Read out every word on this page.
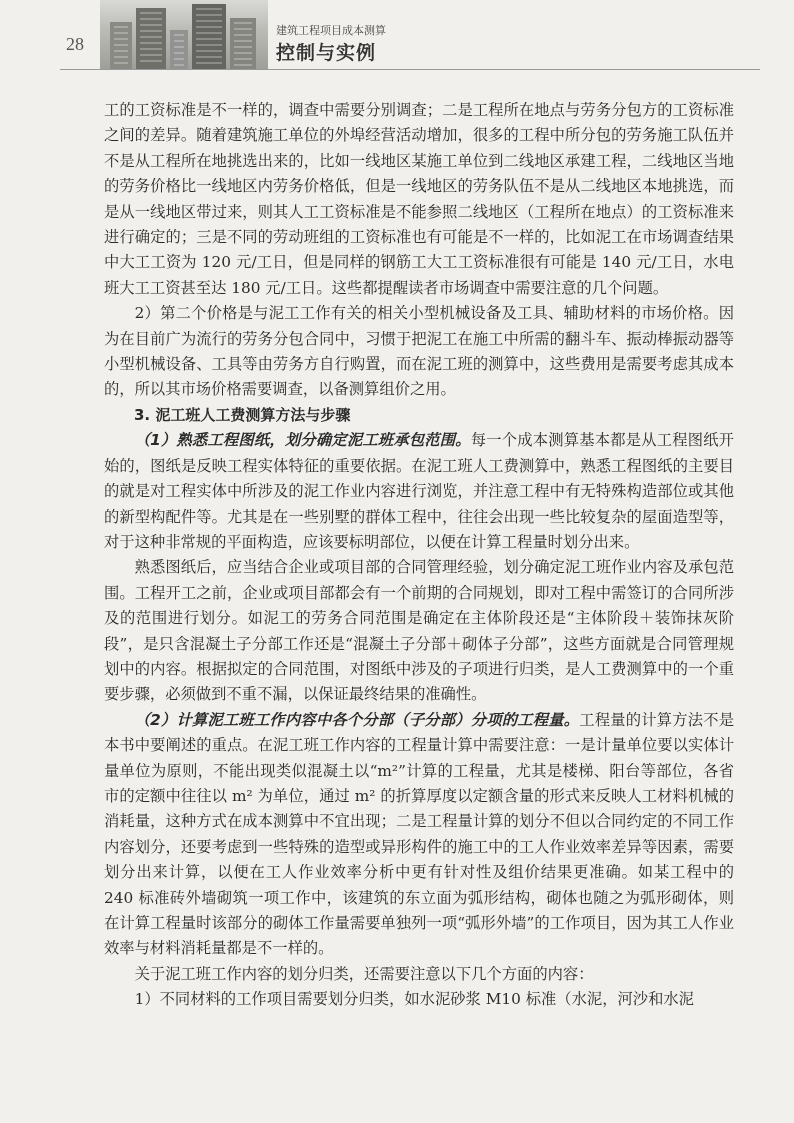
28
建筑工程项目成本测算
控制与实例

工的工资标准是不一样的，调查中需要分别调查；二是工程所在地点与劳务分包方的工资标准之间的差异。随着建筑施工单位的外埠经营活动增加，很多的工程中所分包的劳务施工队伍并不是从工程所在地挑选出来的，比如一线地区某施工单位到二线地区承建工程，二线地区当地的劳务价格比一线地区内劳务价格低，但是一线地区的劳务队伍不是从二线地区本地挑选，而是从一线地区带过来，则其人工工资标准是不能参照二线地区（工程所在地点）的工资标准来进行确定的；三是不同的劳动班组的工资标准也有可能是不一样的，比如泥工在市场调查结果中大工工资为 120 元/工日，但是同样的钢筋工大工工资标准很有可能是 140 元/工日，水电班大工工资甚至达 180 元/工日。这些都提醒读者市场调查中需要注意的几个问题。

2）第二个价格是与泥工工作有关的相关小型机械设备及工具、辅助材料的市场价格。因为在目前广为流行的劳务分包合同中，习惯于把泥工在施工中所需的翻斗车、振动棒振动器等小型机械设备、工具等由劳务方自行购置，而在泥工班的测算中，这些费用是需要考虑其成本的，所以其市场价格需要调查，以备测算组价之用。

3. 泥工班人工费测算方法与步骤

（1）熟悉工程图纸，划分确定泥工班承包范围。每一个成本测算基本都是从工程图纸开始的，图纸是反映工程实体特征的重要依据。在泥工班人工费测算中，熟悉工程图纸的主要目的就是对工程实体中所涉及的泥工作业内容进行浏览，并注意工程中有无特殊构造部位或其他的新型构配件等。尤其是在一些别墅的群体工程中，往往会出现一些比较复杂的屋面造型等，对于这种非常规的平面构造，应该要标明部位，以便在计算工程量时划分出来。

熟悉图纸后，应当结合企业或项目部的合同管理经验，划分确定泥工班作业内容及承包范围。工程开工之前，企业或项目部都会有一个前期的合同规划，即对工程中需签订的合同所涉及的范围进行划分。如泥工的劳务合同范围是确定在主体阶段还是“主体阶段＋装饰抹灰阶段”，是只含混凝土子分部工作还是“混凝土子分部＋砌体子分部”，这些方面就是合同管理规划中的内容。根据拟定的合同范围，对图纸中涉及的子项进行归类，是人工费测算中的一个重要步骤，必须做到不重不漏，以保证最终结果的准确性。

（2）计算泥工班工作内容中各个分部（子分部）分项的工程量。工程量的计算方法不是本书中要阐述的重点。在泥工班工作内容的工程量计算中需要注意：一是计量单位要以实体计量单位为原则，不能出现类似混凝土以“m²”计算的工程量，尤其是楼梯、阳台等部位，各省市的定额中往往以 m² 为单位，通过 m² 的折算厚度以定额含量的形式来反映人工材料机械的消耗量，这种方式在成本测算中不宜出现；二是工程量计算的划分不但以合同约定的不同工作内容划分，还要考虑到一些特殊的造型或异形构件的施工中的工人作业效率差异等因素，需要划分出来计算，以便在工人作业效率分析中更有针对性及组价结果更准确。如某工程中的 240 标准砖外墙砌筑一项工作中，该建筑的东立面为弧形结构，砌体也随之为弧形砌体，则在计算工程量时该部分的砌体工作量需要单独列一项“弧形外墙”的工作项目，因为其工人作业效率与材料消耗量都是不一样的。

关于泥工班工作内容的划分归类，还需要注意以下几个方面的内容：

1）不同材料的工作项目需要划分归类，如水泥砂浆 M10 标准（水泥，河沙和水泥
